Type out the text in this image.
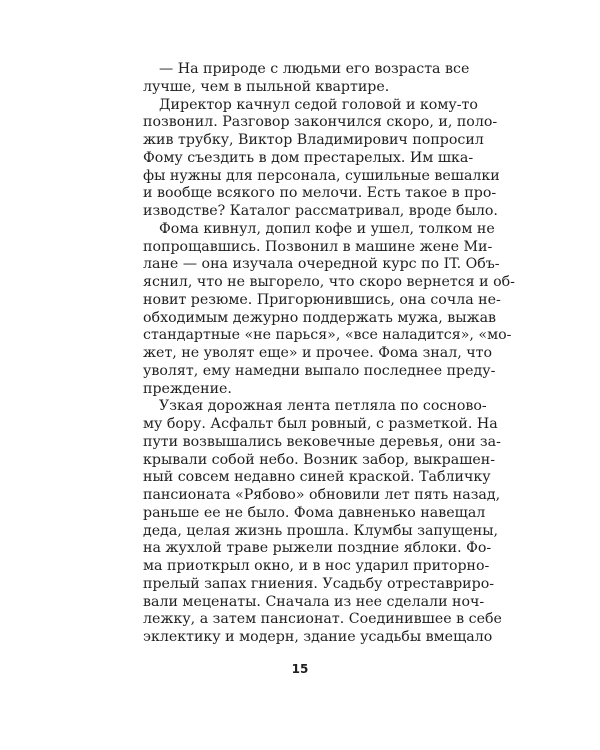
— На природе с людьми его возраста все
лучше, чем в пыльной квартире.
Директор качнул седой головой и кому-то
позвонил. Разговор закончился скоро, и, поло-
жив трубку, Виктор Владимирович попросил
Фому съездить в дом престарелых. Им шка-
фы нужны для персонала, сушильные вешалки
и вообще всякого по мелочи. Есть такое в про-
изводстве? Каталог рассматривал, вроде было.
Фома кивнул, допил кофе и ушел, толком не
попрощавшись. Позвонил в машине жене Ми-
лане — она изучала очередной курс по IT. Объ-
яснил, что не выгорело, что скоро вернется и об-
новит резюме. Пригорюнившись, она сочла не-
обходимым дежурно поддержать мужа, выжав
стандартные «не парься», «все наладится», «мо-
жет, не уволят еще» и прочее. Фома знал, что
уволят, ему намедни выпало последнее преду-
преждение.
Узкая дорожная лента петляла по сосново-
му бору. Асфальт был ровный, с разметкой. На
пути возвышались вековечные деревья, они за-
крывали собой небо. Возник забор, выкрашен-
ный совсем недавно синей краской. Табличку
пансионата «Рябово» обновили лет пять назад,
раньше ее не было. Фома давненько навещал
деда, целая жизнь прошла. Клумбы запущены,
на жухлой траве рыжели поздние яблоки. Фо-
ма приоткрыл окно, и в нос ударил приторно-
прелый запах гниения. Усадьбу отреставриро-
вали меценаты. Сначала из нее сделали ноч-
лежку, а затем пансионат. Соединившее в себе
эклектику и модерн, здание усадьбы вмещало
15
